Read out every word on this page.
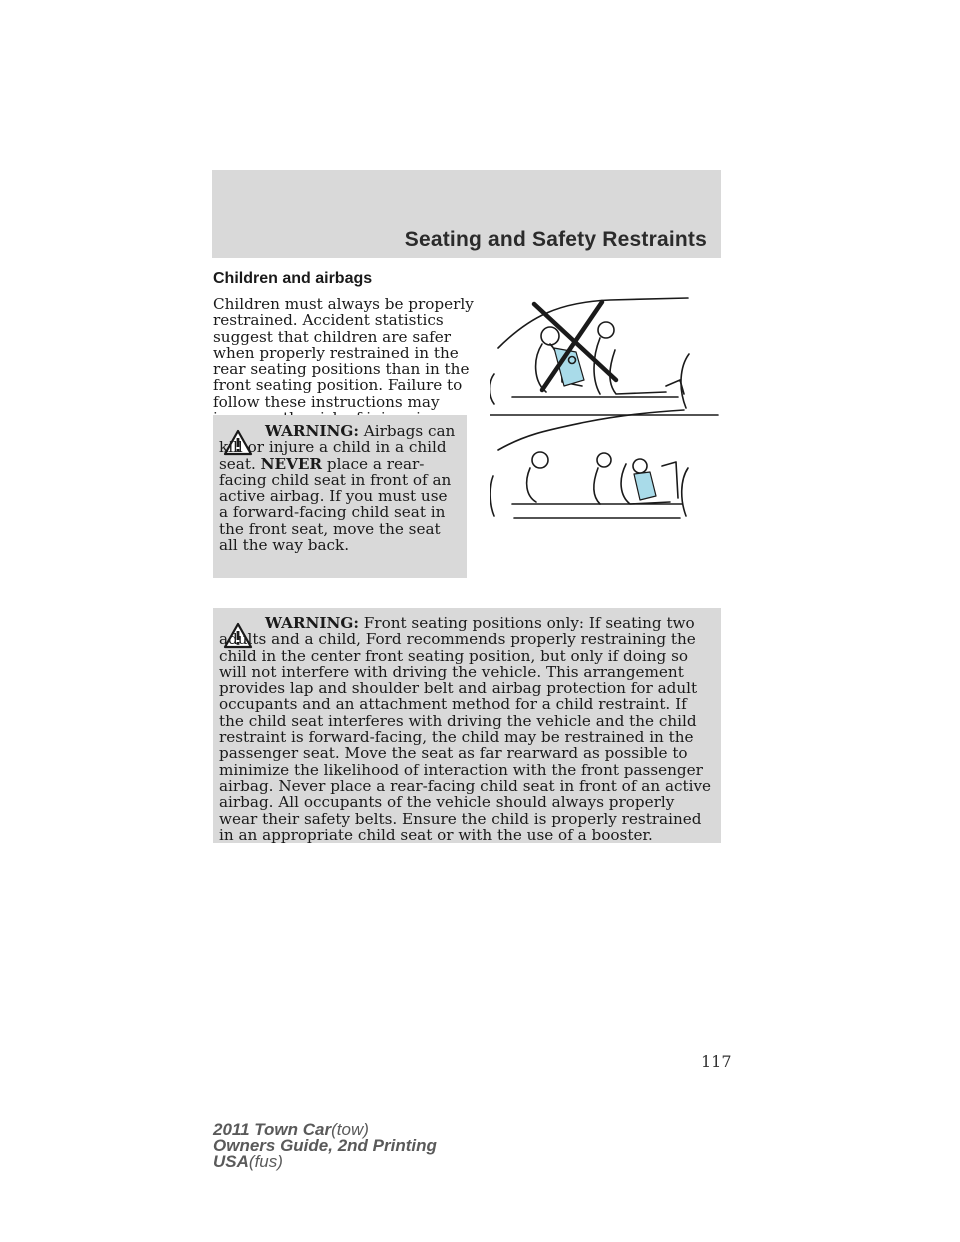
Seating and Safety Restraints
Children and airbags
Children must always be properly restrained. Accident statistics suggest that children are safer when properly restrained in the rear seating positions than in the front seating position. Failure to follow these instructions may
WARNING: Airbags can kill or injure a child in a child seat. NEVER place a rear-facing child seat in front of an active airbag. If you must use a forward-facing child seat in the front seat, move the seat all the way back.
WARNING: Front seating positions only: If seating two adults and a child, Ford recommends properly restraining the child in the center front seating position, but only if doing so will not interfere with driving the vehicle. This arrangement provides lap and shoulder belt and airbag protection for adult occupants and an attachment method for a child restraint. If the child seat interferes with driving the vehicle and the child restraint is forward-facing, the child may be restrained in the passenger seat. Move the seat as far rearward as possible to minimize the likelihood of interaction with the front passenger airbag. Never place a rear-facing child seat in front of an active airbag. All occupants of the vehicle should always properly wear their safety belts. Ensure the child is properly restrained in an appropriate child seat or with the use of a booster.
117
2011 Town Car(tow)
Owners Guide, 2nd Printing
USA(fus)
